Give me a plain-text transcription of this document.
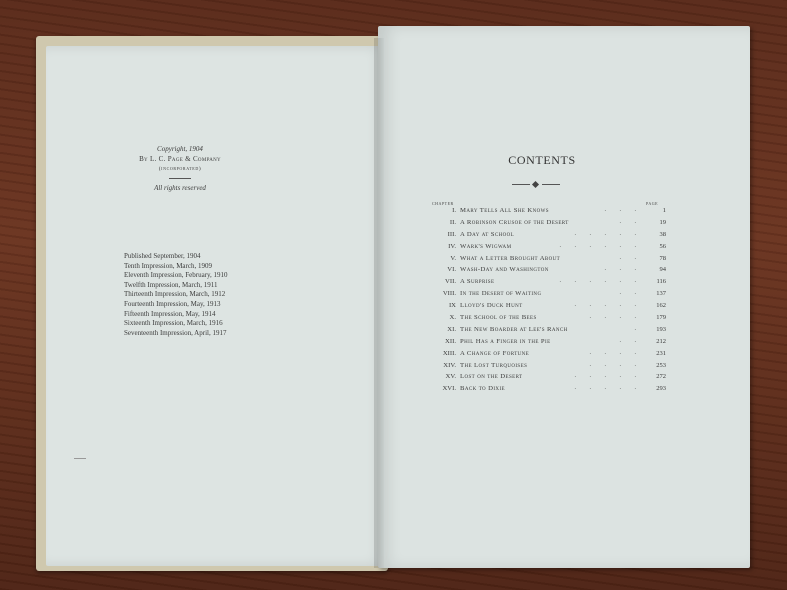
Copyright, 1904
By L. C. Page & Company
(incorporated)
All rights reserved
Published September, 1904
Tenth Impression, March, 1909
Eleventh Impression, February, 1910
Twelfth Impression, March, 1911
Thirteenth Impression, March, 1912
Fourteenth Impression, May, 1913
Fifteenth Impression, May, 1914
Sixteenth Impression, March, 1916
Seventeenth Impression, April, 1917
CONTENTS
CHAPTER	PAGE
I. Mary Tells All She Knows	. . .	1
II. A Robinson Crusoe of the Desert	. .	19
III. A Day at School	. . . . .	38
IV. Wark's Wigwam	. . . . . .	56
V. What a Letter Brought About	. .	78
VI. Wash-Day and Washington	. . .	94
VII. A Surprise	. . . . . .	116
VIII. In the Desert of Waiting	. .	137
IX Lloyd's Duck Hunt	. . . . .	162
X. The School of the Bees	. . . .	179
XI. The New Boarder at Lee's Ranch	.	193
XII. Phil Has a Finger in the Pie	. .	212
XIII. A Change of Fortune	. . . .	231
XIV. The Lost Turquoises	. . . .	253
XV. Lost on the Desert	. . . . .	272
XVI. Back to Dixie	. . . . .	293
